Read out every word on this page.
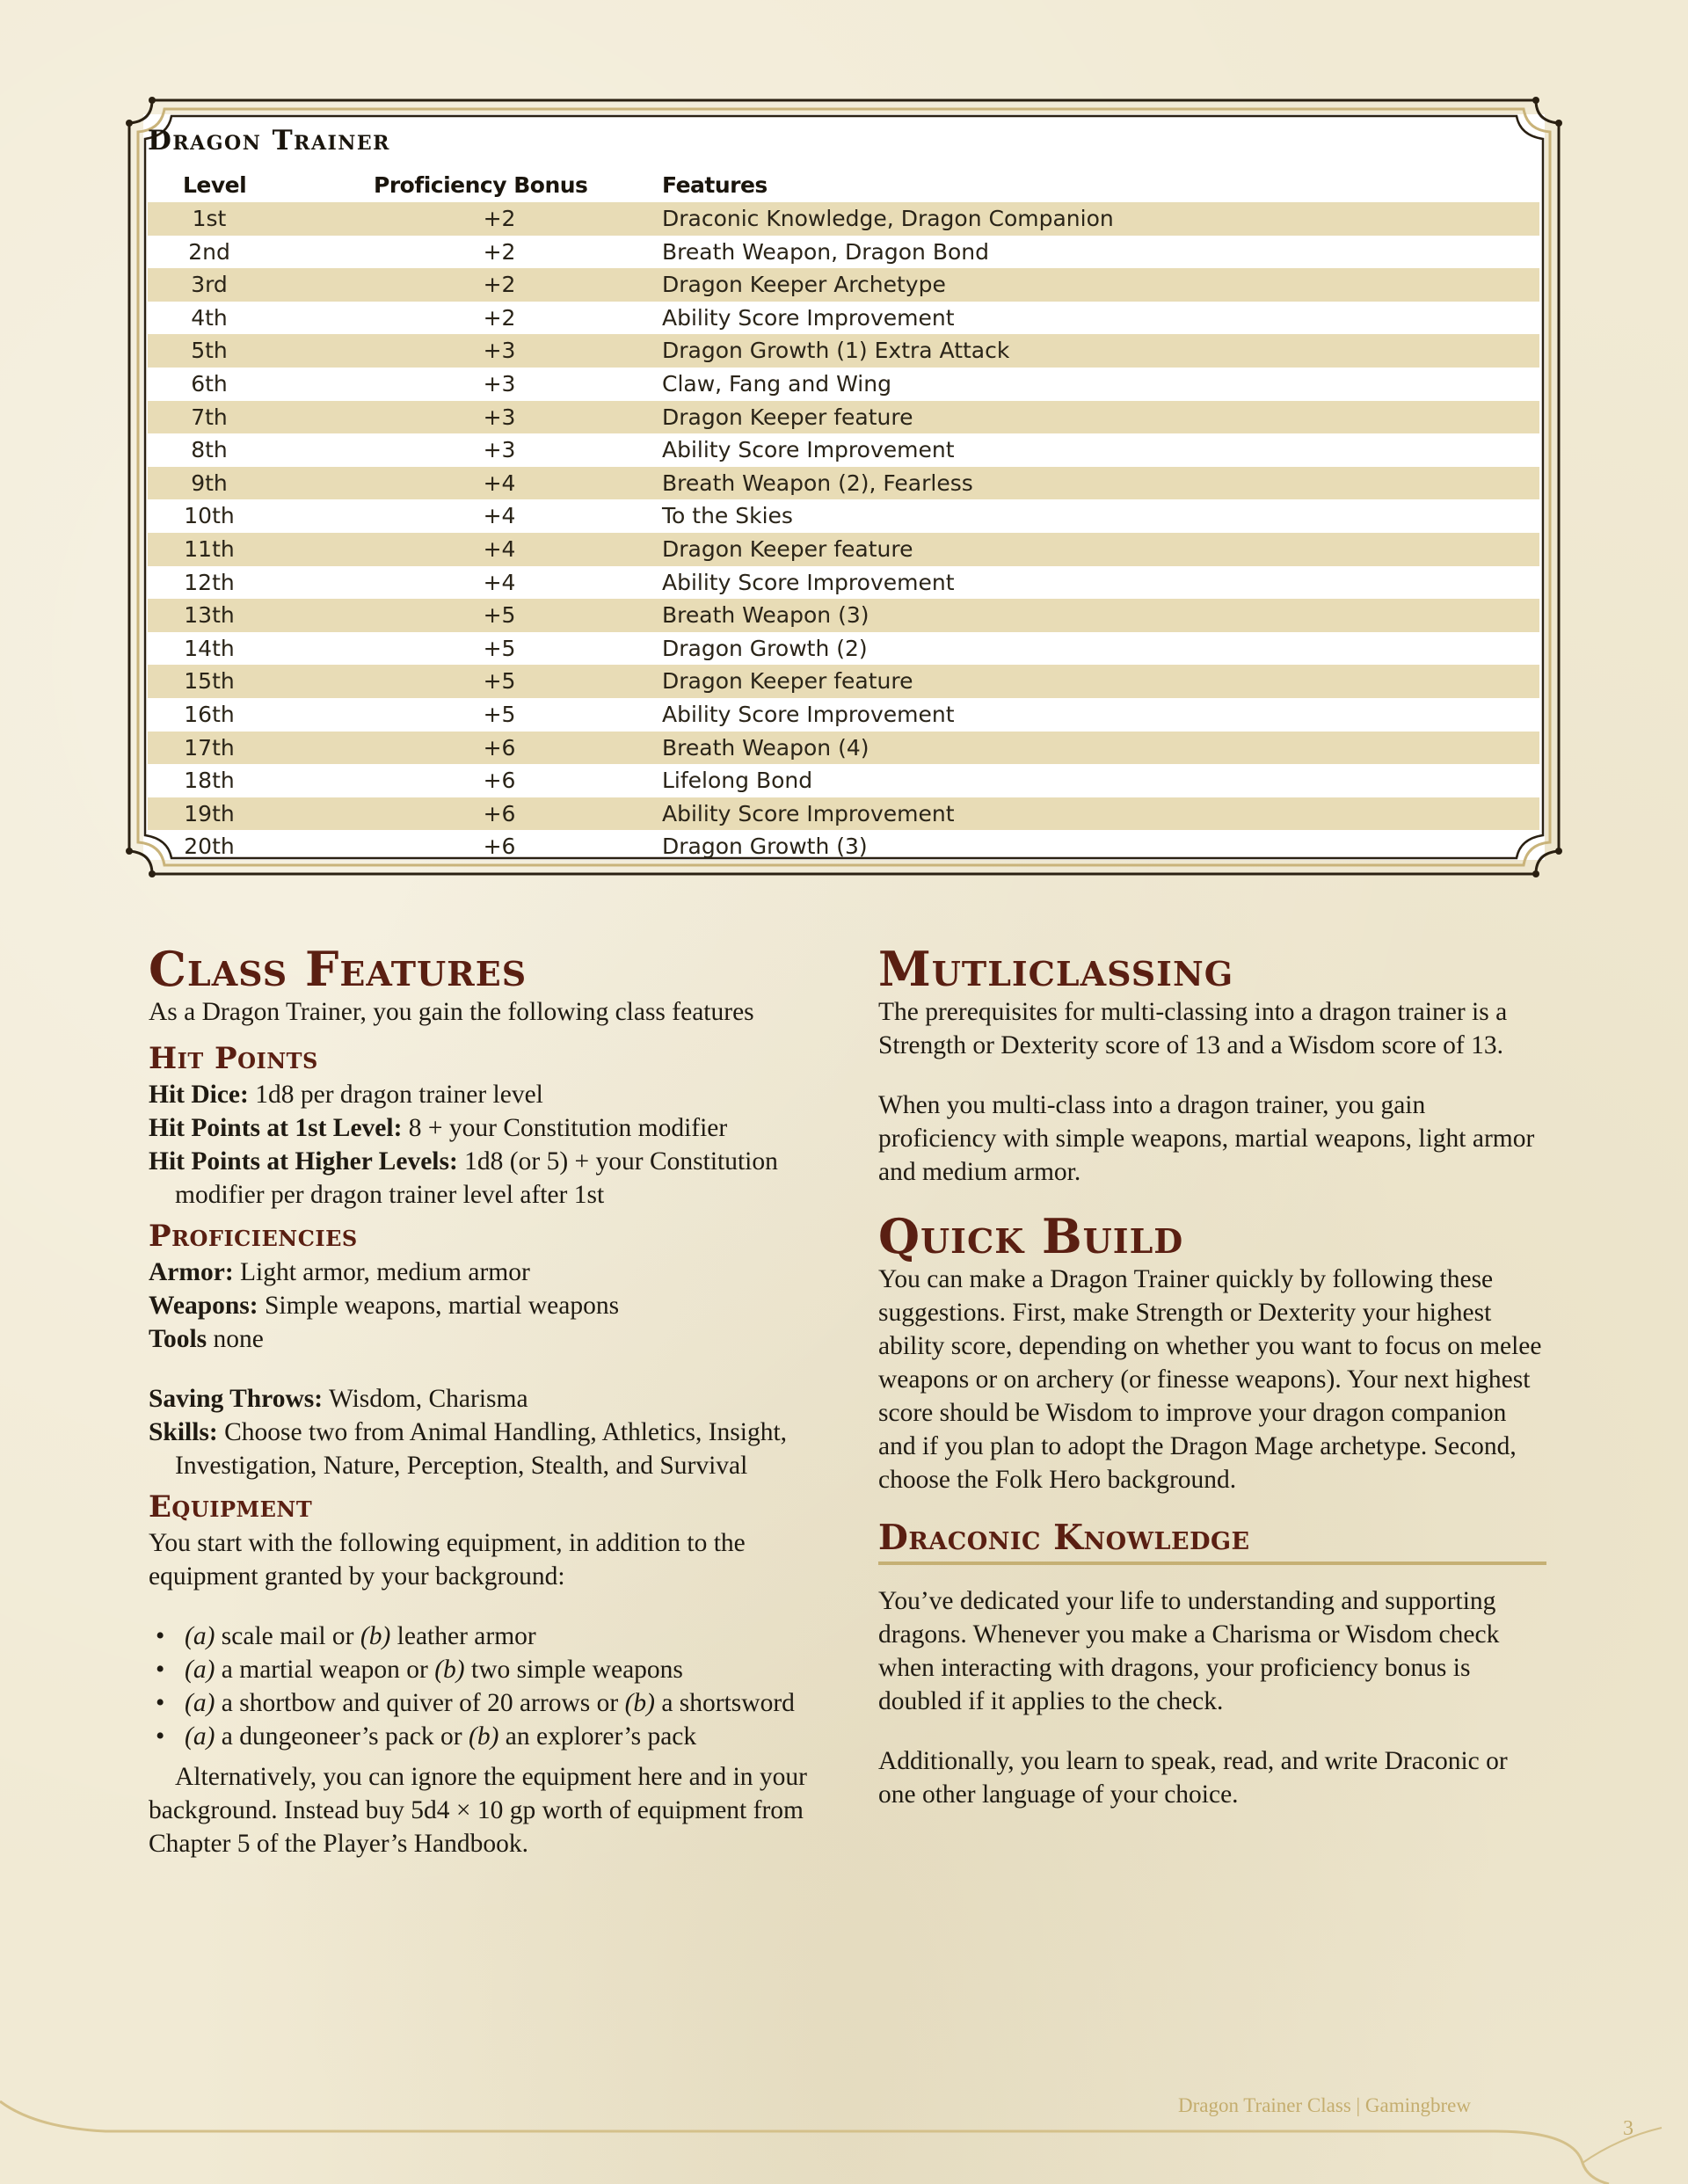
Dragon Trainer
Level	Proficiency Bonus	Features
1st	+2	Draconic Knowledge, Dragon Companion
2nd	+2	Breath Weapon, Dragon Bond
3rd	+2	Dragon Keeper Archetype
4th	+2	Ability Score Improvement
5th	+3	Dragon Growth (1) Extra Attack
6th	+3	Claw, Fang and Wing
7th	+3	Dragon Keeper feature
8th	+3	Ability Score Improvement
9th	+4	Breath Weapon (2), Fearless
10th	+4	To the Skies
11th	+4	Dragon Keeper feature
12th	+4	Ability Score Improvement
13th	+5	Breath Weapon (3)
14th	+5	Dragon Growth (2)
15th	+5	Dragon Keeper feature
16th	+5	Ability Score Improvement
17th	+6	Breath Weapon (4)
18th	+6	Lifelong Bond
19th	+6	Ability Score Improvement
20th	+6	Dragon Growth (3)
Class Features

As a Dragon Trainer, you gain the following class features

Hit Points

Hit Dice: 1d8 per dragon trainer level

Hit Points at 1st Level: 8 + your Constitution modifier

Hit Points at Higher Levels: 1d8 (or 5) + your Constitution modifier per dragon trainer level after 1st

Proficiencies

Armor: Light armor, medium armor

Weapons: Simple weapons, martial weapons

Tools none

Saving Throws: Wisdom, Charisma

Skills: Choose two from Animal Handling, Athletics, Insight, Investigation, Nature, Perception, Stealth, and Survival

Equipment

You start with the following equipment, in addition to the equipment granted by your background:

• (a) scale mail or (b) leather armor
• (a) a martial weapon or (b) two simple weapons
• (a) a shortbow and quiver of 20 arrows or (b) a shortsword
• (a) a dungeoneer’s pack or (b) an explorer’s pack

Alternatively, you can ignore the equipment here and in your background. Instead buy 5d4 × 10 gp worth of equipment from Chapter 5 of the Player’s Handbook.

Mutliclassing

The prerequisites for multi-classing into a dragon trainer is a Strength or Dexterity score of 13 and a Wisdom score of 13.

When you multi-class into a dragon trainer, you gain proficiency with simple weapons, martial weapons, light armor and medium armor.

Quick Build

You can make a Dragon Trainer quickly by following these suggestions. First, make Strength or Dexterity your highest ability score, depending on whether you want to focus on melee weapons or on archery (or finesse weapons). Your next highest score should be Wisdom to improve your dragon companion and if you plan to adopt the Dragon Mage archetype. Second, choose the Folk Hero background.

Draconic Knowledge

You’ve dedicated your life to understanding and supporting dragons. Whenever you make a Charisma or Wisdom check when interacting with dragons, your proficiency bonus is doubled if it applies to the check.

Additionally, you learn to speak, read, and write Draconic or one other language of your choice.

Dragon Trainer Class | Gamingbrew
3
